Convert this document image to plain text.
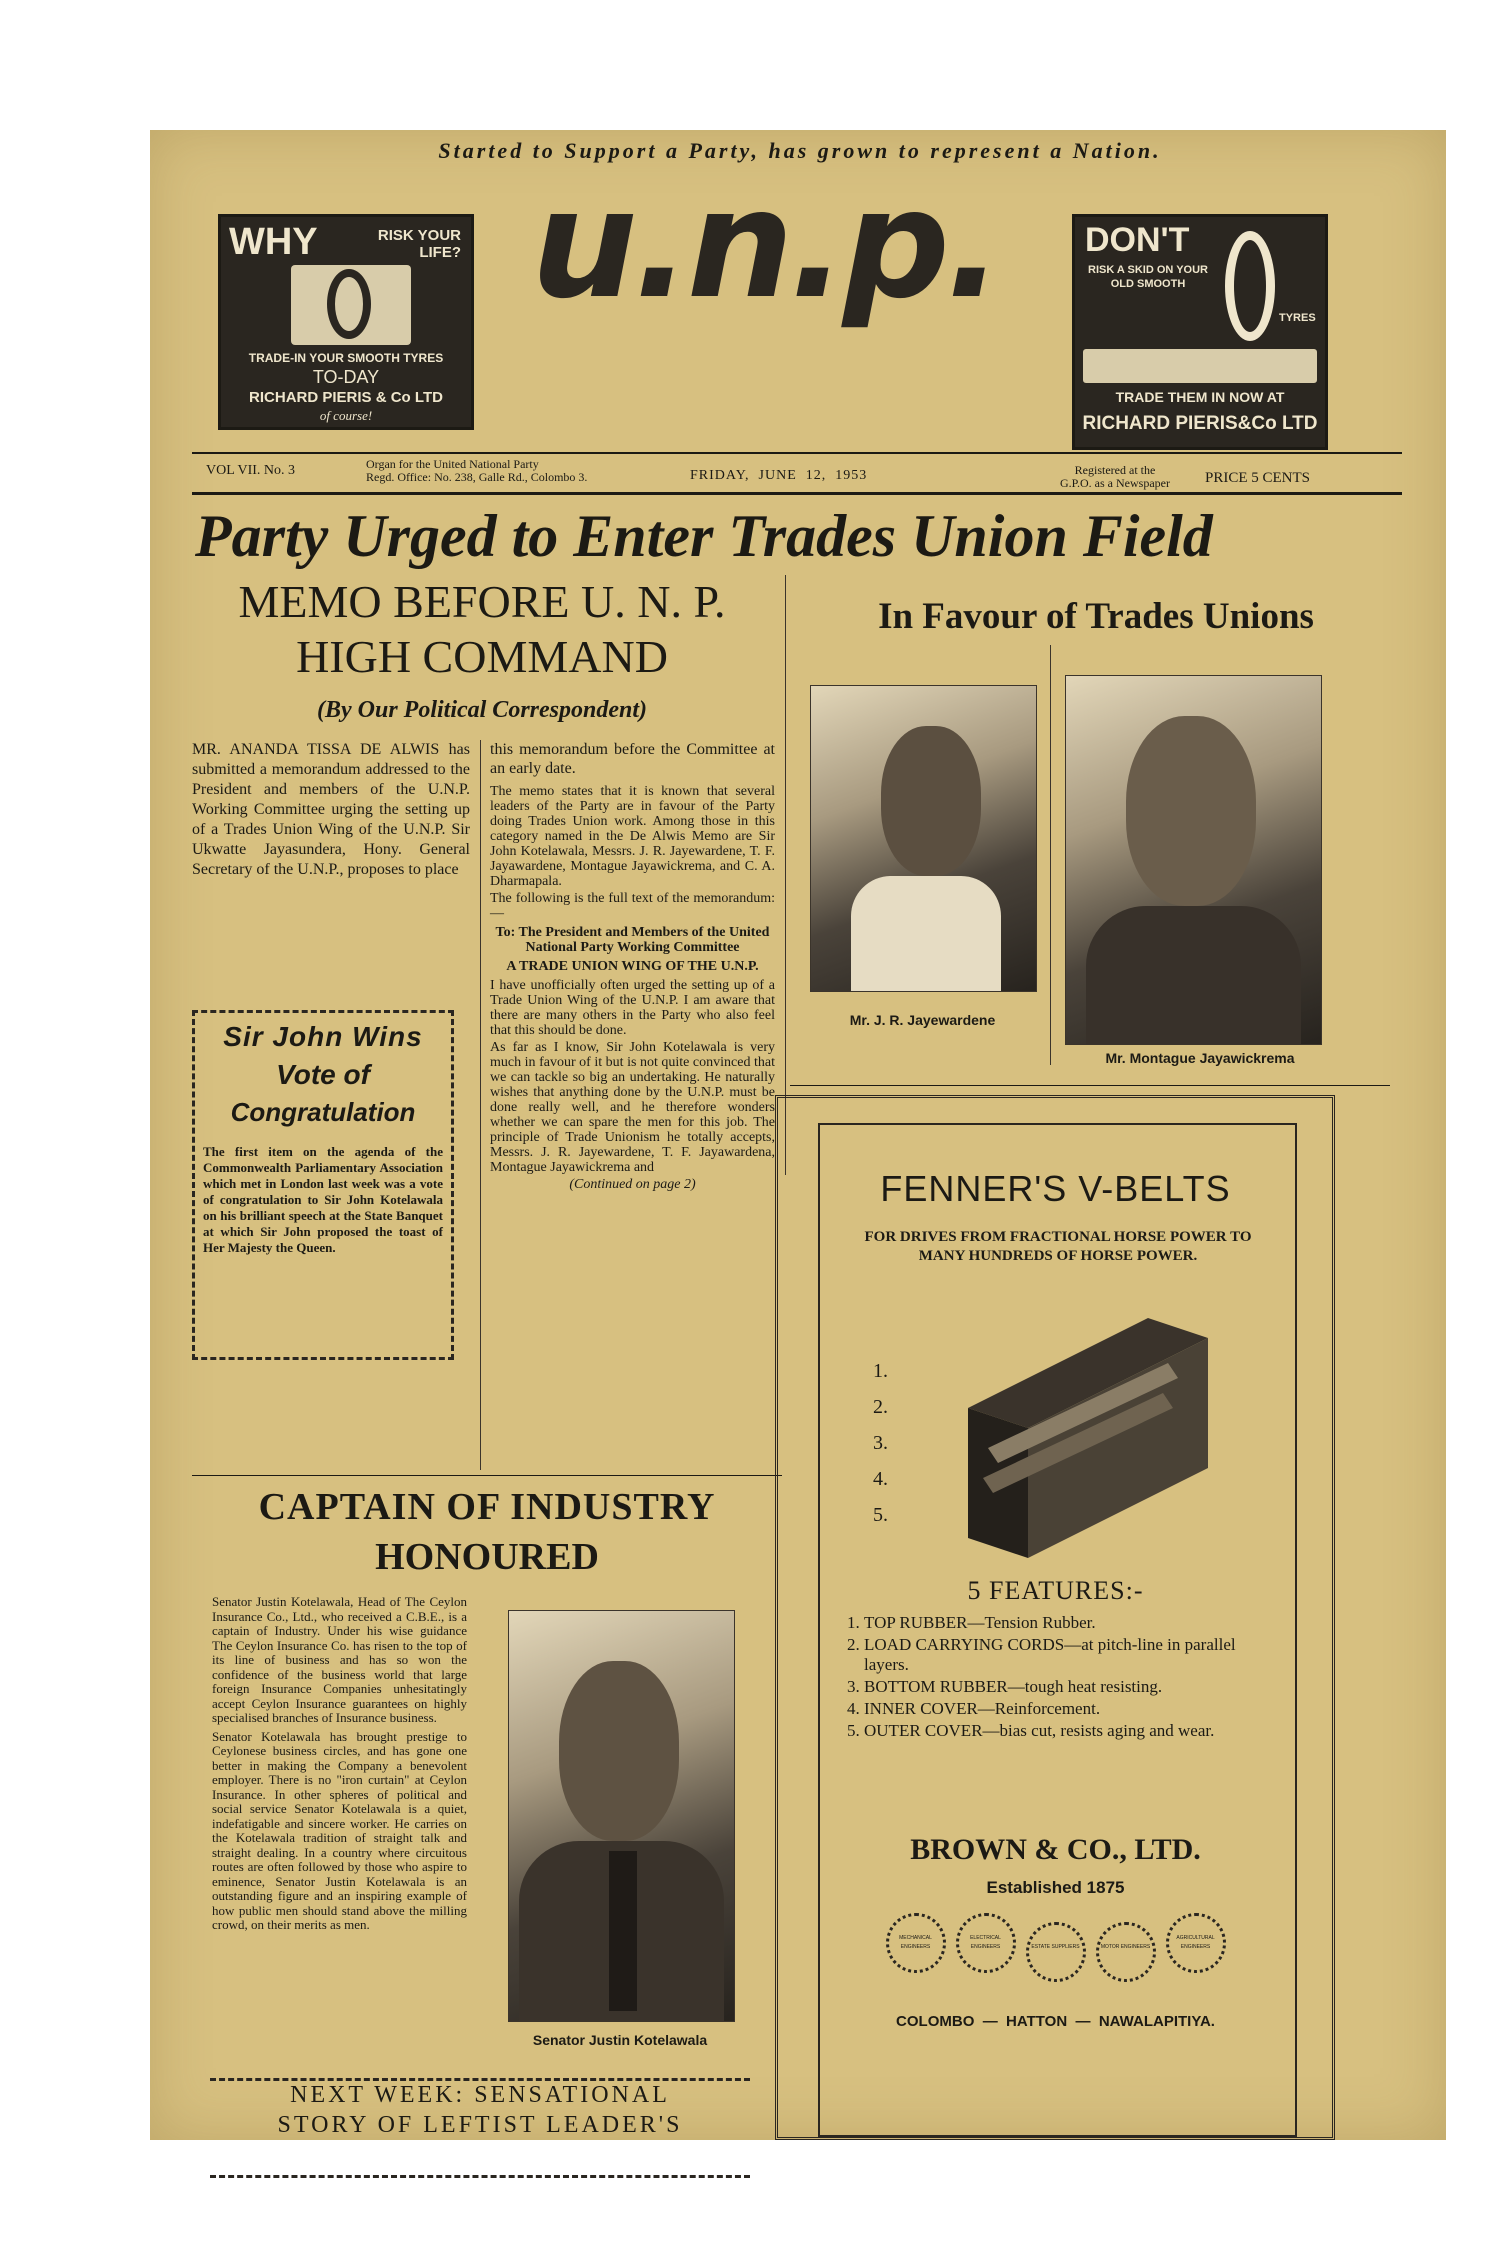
Started to Support a Party, has grown to represent a Nation.
WHY	RISK YOUR LIFE?
TRADE-IN YOUR SMOOTH TYRES
TO-DAY
RICHARD PIERIS & Co LTD
of course!
u.n.p.	DON'T
RISK A SKID ON YOUR OLD SMOOTH
TYRES
TRADE THEM IN NOW AT
RICHARD PIERIS&Co LTD
VOL VII. No. 3	Organ for the United National Party
Regd. Office: No. 238, Galle Rd., Colombo 3.	FRIDAY,  JUNE  12,  1953	Registered at the
G.P.O. as a Newspaper	PRICE 5 CENTS
Party Urged to Enter Trades Union Field
MEMO BEFORE U. N. P.
HIGH COMMAND
(By Our Political Correspondent)
MR. ANANDA TISSA DE ALWIS has submitted a memorandum addressed to the President and members of the U.N.P. Working Committee urging the setting up of a Trades Union Wing of the U.N.P. Sir Ukwatte Jayasundera, Hony. General Secretary of the U.N.P., proposes to place
this memorandum before the Committee at an early date.
The memo states that it is known that several leaders of the Party are in favour of the Party doing Trades Union work. Among those in this category named in the De Alwis Memo are Sir John Kotelawala, Messrs. J. R. Jayewardene, T. F. Jayawardene, Montague Jayawickrema, and C. A. Dharmapala.
The following is the full text of the memorandum:—
To: The President and Members of the United National Party Working Committee
A TRADE UNION WING OF THE U.N.P.
I have unofficially often urged the setting up of a Trade Union Wing of the U.N.P. I am aware that there are many others in the Party who also feel that this should be done.
As far as I know, Sir John Kotelawala is very much in favour of it but is not quite convinced that we can tackle so big an undertaking. He naturally wishes that anything done by the U.N.P. must be done really well, and he therefore wonders whether we can spare the men for this job. The principle of Trade Unionism he totally accepts, Messrs. J. R. Jayewardene, T. F. Jayawardena, Montague Jayawickrema and
(Continued on page 2)
Sir John Wins
Vote of
Congratulation
The first item on the agenda of the Commonwealth Parliamentary Association which met in London last week was a vote of congratulation to Sir John Kotelawala on his brilliant speech at the State Banquet at which Sir John proposed the toast of Her Majesty the Queen.
In Favour of Trades Unions
Mr. J. R. Jayewardene
Mr. Montague Jayawickrema
CAPTAIN OF INDUSTRY
HONOURED
Senator Justin Kotelawala, Head of The Ceylon Insurance Co., Ltd., who received a C.B.E., is a captain of Industry. Under his wise guidance The Ceylon Insurance Co. has risen to the top of its line of business and has so won the confidence of the business world that large foreign Insurance Companies unhesitatingly accept Ceylon Insurance guarantees on highly specialised branches of Insurance business.
Senator Kotelawala has brought prestige to Ceylonese business circles, and has gone one better in making the Company a benevolent employer. There is no "iron curtain" at Ceylon Insurance. In other spheres of political and social service Senator Kotelawala is a quiet, indefatigable and sincere worker. He carries on the Kotelawala tradition of straight talk and straight dealing. In a country where circuitous routes are often followed by those who aspire to eminence, Senator Justin Kotelawala is an outstanding figure and an inspiring example of how public men should stand above the milling crowd, on their merits as men.
Senator Justin Kotelawala
NEXT WEEK: SENSATIONAL
STORY OF LEFTIST LEADER'S
FENNER'S V-BELTS
FOR DRIVES FROM FRACTIONAL HORSE POWER TO MANY HUNDREDS OF HORSE POWER.
1.
2.
3.
4.
5.
5 FEATURES:-
1. TOP RUBBER—Tension Rubber.
2. LOAD CARRYING CORDS—at pitch-line in parallel layers.
3. BOTTOM RUBBER—tough heat resisting.
4. INNER COVER—Reinforcement.
5. OUTER COVER—bias cut, resists aging and wear.
BROWN & CO., LTD.
Established 1875
MECHANICAL ENGINEERS ELECTRICAL ENGINEERS	ESTATE SUPPLIERS	MOTOR ENGINEERS AGRICULTURAL ENGINEERS
COLOMBO  —  HATTON  —  NAWALAPITIYA.
